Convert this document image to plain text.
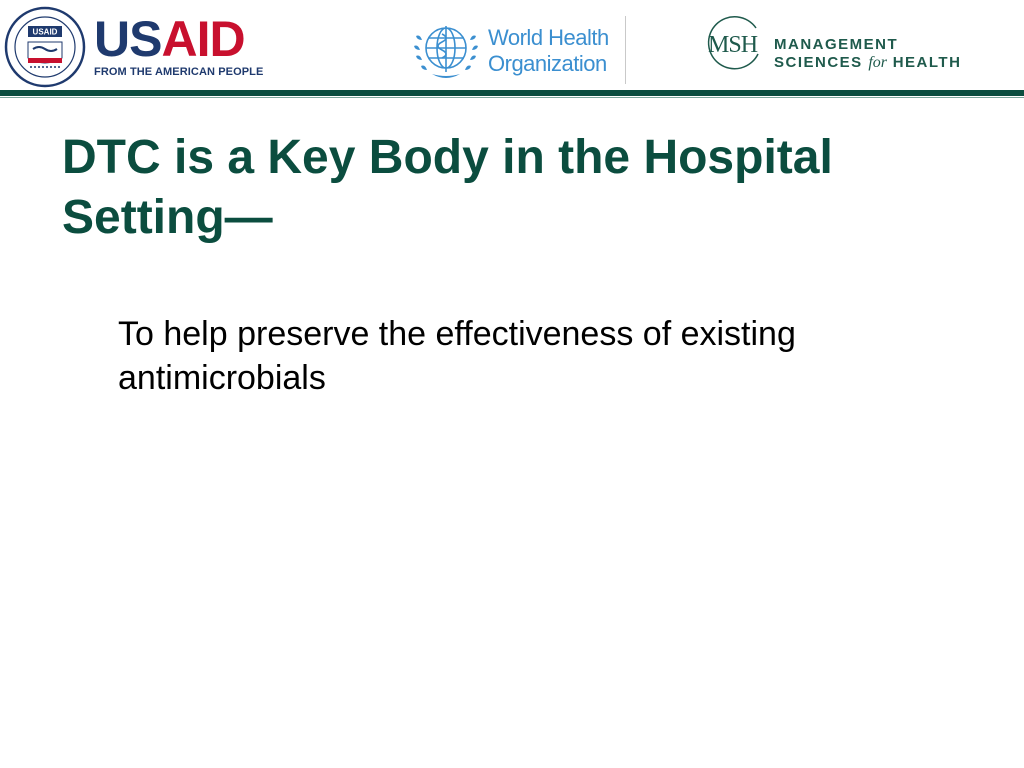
USAID USAID
FROM THE AMERICAN PEOPLE
World Health
Organization
MSH MANAGEMENT
SCIENCES for HEALTH
DTC is a Key Body in the Hospital Setting—

To help preserve the effectiveness of existing antimicrobials
